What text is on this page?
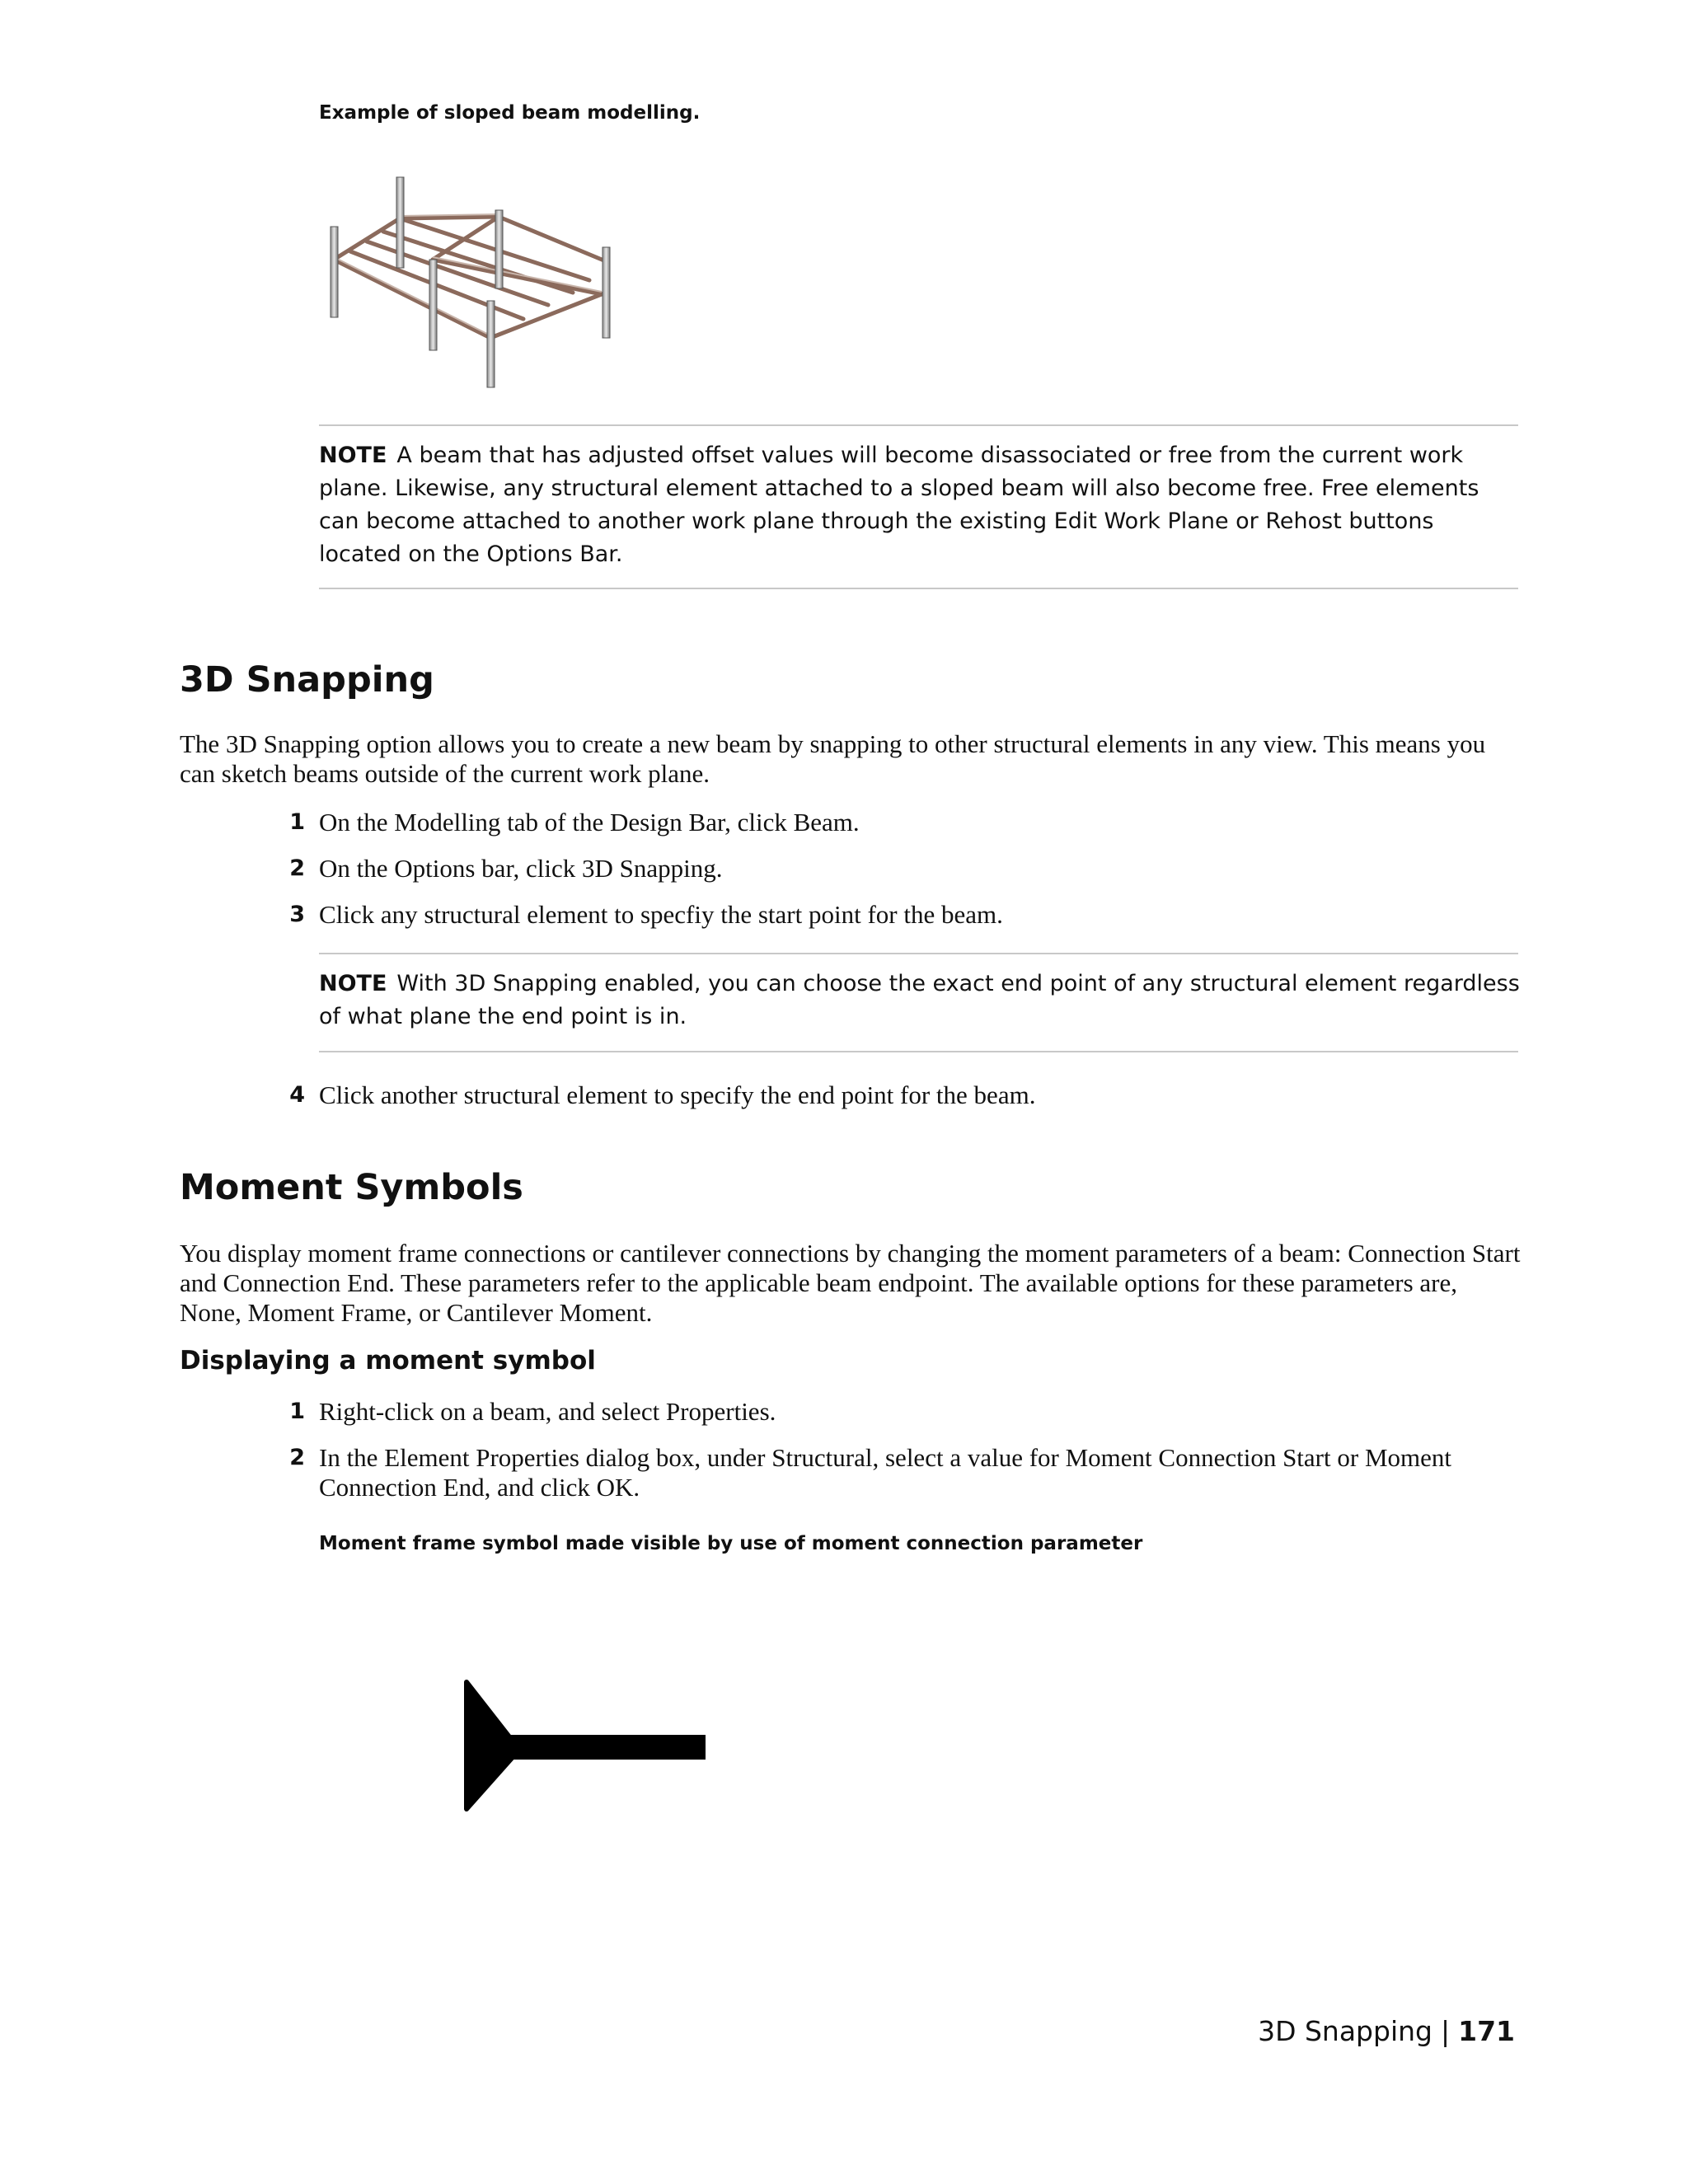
Example of sloped beam modelling.
NOTE A beam that has adjusted offset values will become disassociated or free from the current work plane. Likewise, any structural element attached to a sloped beam will also become free. Free elements can become attached to another work plane through the existing Edit Work Plane or Rehost buttons located on the Options Bar.
3D Snapping
The 3D Snapping option allows you to create a new beam by snapping to other structural elements in any view. This means you can sketch beams outside of the current work plane.
1 On the Modelling tab of the Design Bar, click Beam.
2 On the Options bar, click 3D Snapping.
3 Click any structural element to specfiy the start point for the beam.
NOTE With 3D Snapping enabled, you can choose the exact end point of any structural element regardless of what plane the end point is in.
4 Click another structural element to specify the end point for the beam.
Moment Symbols
You display moment frame connections or cantilever connections by changing the moment parameters of a beam: Connection Start and Connection End. These parameters refer to the applicable beam endpoint. The available options for these parameters are, None, Moment Frame, or Cantilever Moment.
Displaying a moment symbol
1 Right-click on a beam, and select Properties.
2 In the Element Properties dialog box, under Structural, select a value for Moment Connection Start or Moment Connection End, and click OK.
Moment frame symbol made visible by use of moment connection parameter
3D Snapping | 171
